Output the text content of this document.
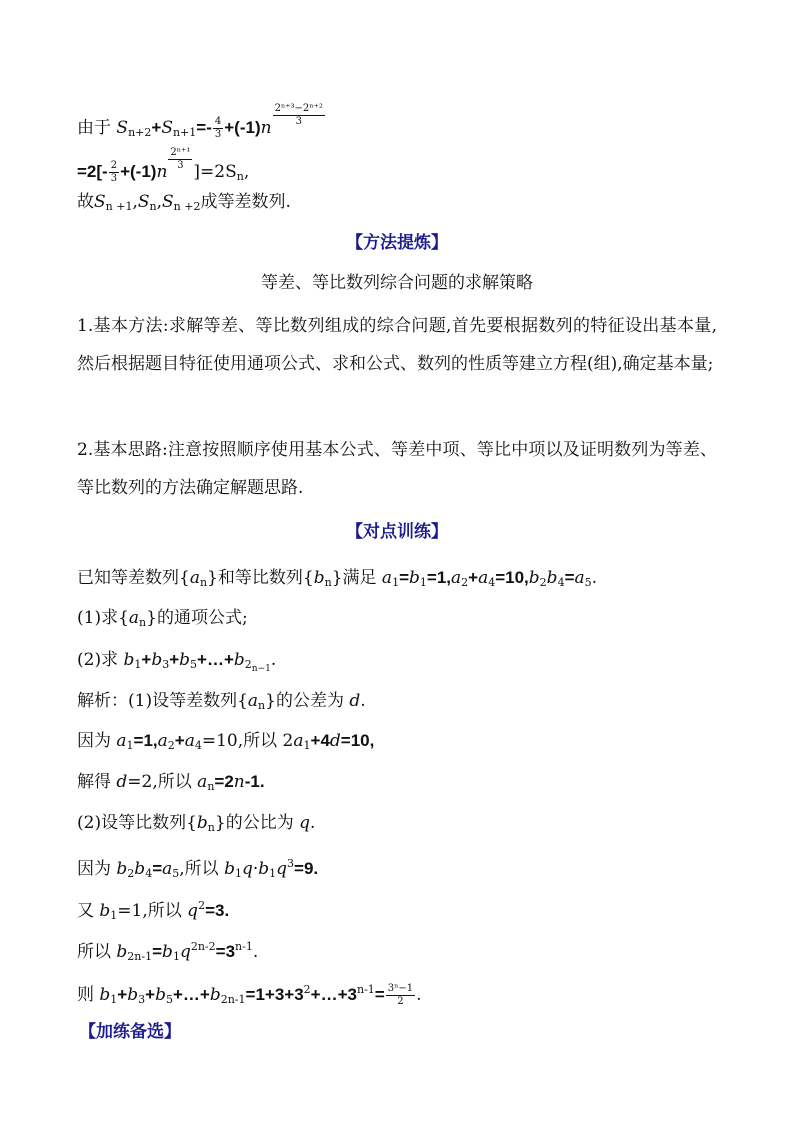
由于 $S_{n+2}+S_{n+1}=- \frac{4}{3} +(-1)n \frac{\text{2ⁿ⁺³−2ⁿ⁺²}}{3}$
$=2[- \frac{2}{3} +(-1)n \frac{\text{2ⁿ⁺¹}}{3} ]=2S_n$,
故$S_{n +1},S_n,S_{n +2}$成等差数列.
【方法提炼】
等差、等比数列综合问题的求解策略
1.基本方法:求解等差、等比数列组成的综合问题,首先要根据数列的特征设出基本量,然后根据题目特征使用通项公式、求和公式、数列的性质等建立方程(组),确定基本量;
2.基本思路:注意按照顺序使用基本公式、等差中项、等比中项以及证明数列为等差、等比数列的方法确定解题思路.
【对点训练】
已知等差数列$\{a_n\}$和等比数列$\{b_n\}$满足 $a_1=b_1=1,a_2+a_4=10,b_2b_4=a_5$.
(1)求$\{a_n\}$的通项公式;
(2)求 $b_1+b_3+b_5+\dots+b_{2_{n-1}}$.
解析：(1)设等差数列$\{a_n\}$的公差为 d.
因为 $a_1=1,a_2+a_4=10$,所以 $2a_1+4d=10$,
解得 d=2,所以 $a_n=2n-1$.
(2)设等比数列$\{b_n\}$的公比为 q.
因为 $b_2b_4=a_5$,所以 $b_1q\cdot b_1q^3=9$.
又 $b_1=1$,所以 $q^2=3$.
所以 $b_{2n-1}=b_1q^{2n-2}=3^{n-1}$.
则 $b_1+b_3+b_5+\dots+b_{2n-1}=1+3+3^2+\dots+3^{n-1}= \frac{\text{3ⁿ−1}}{2}$ .
【加练备选】
